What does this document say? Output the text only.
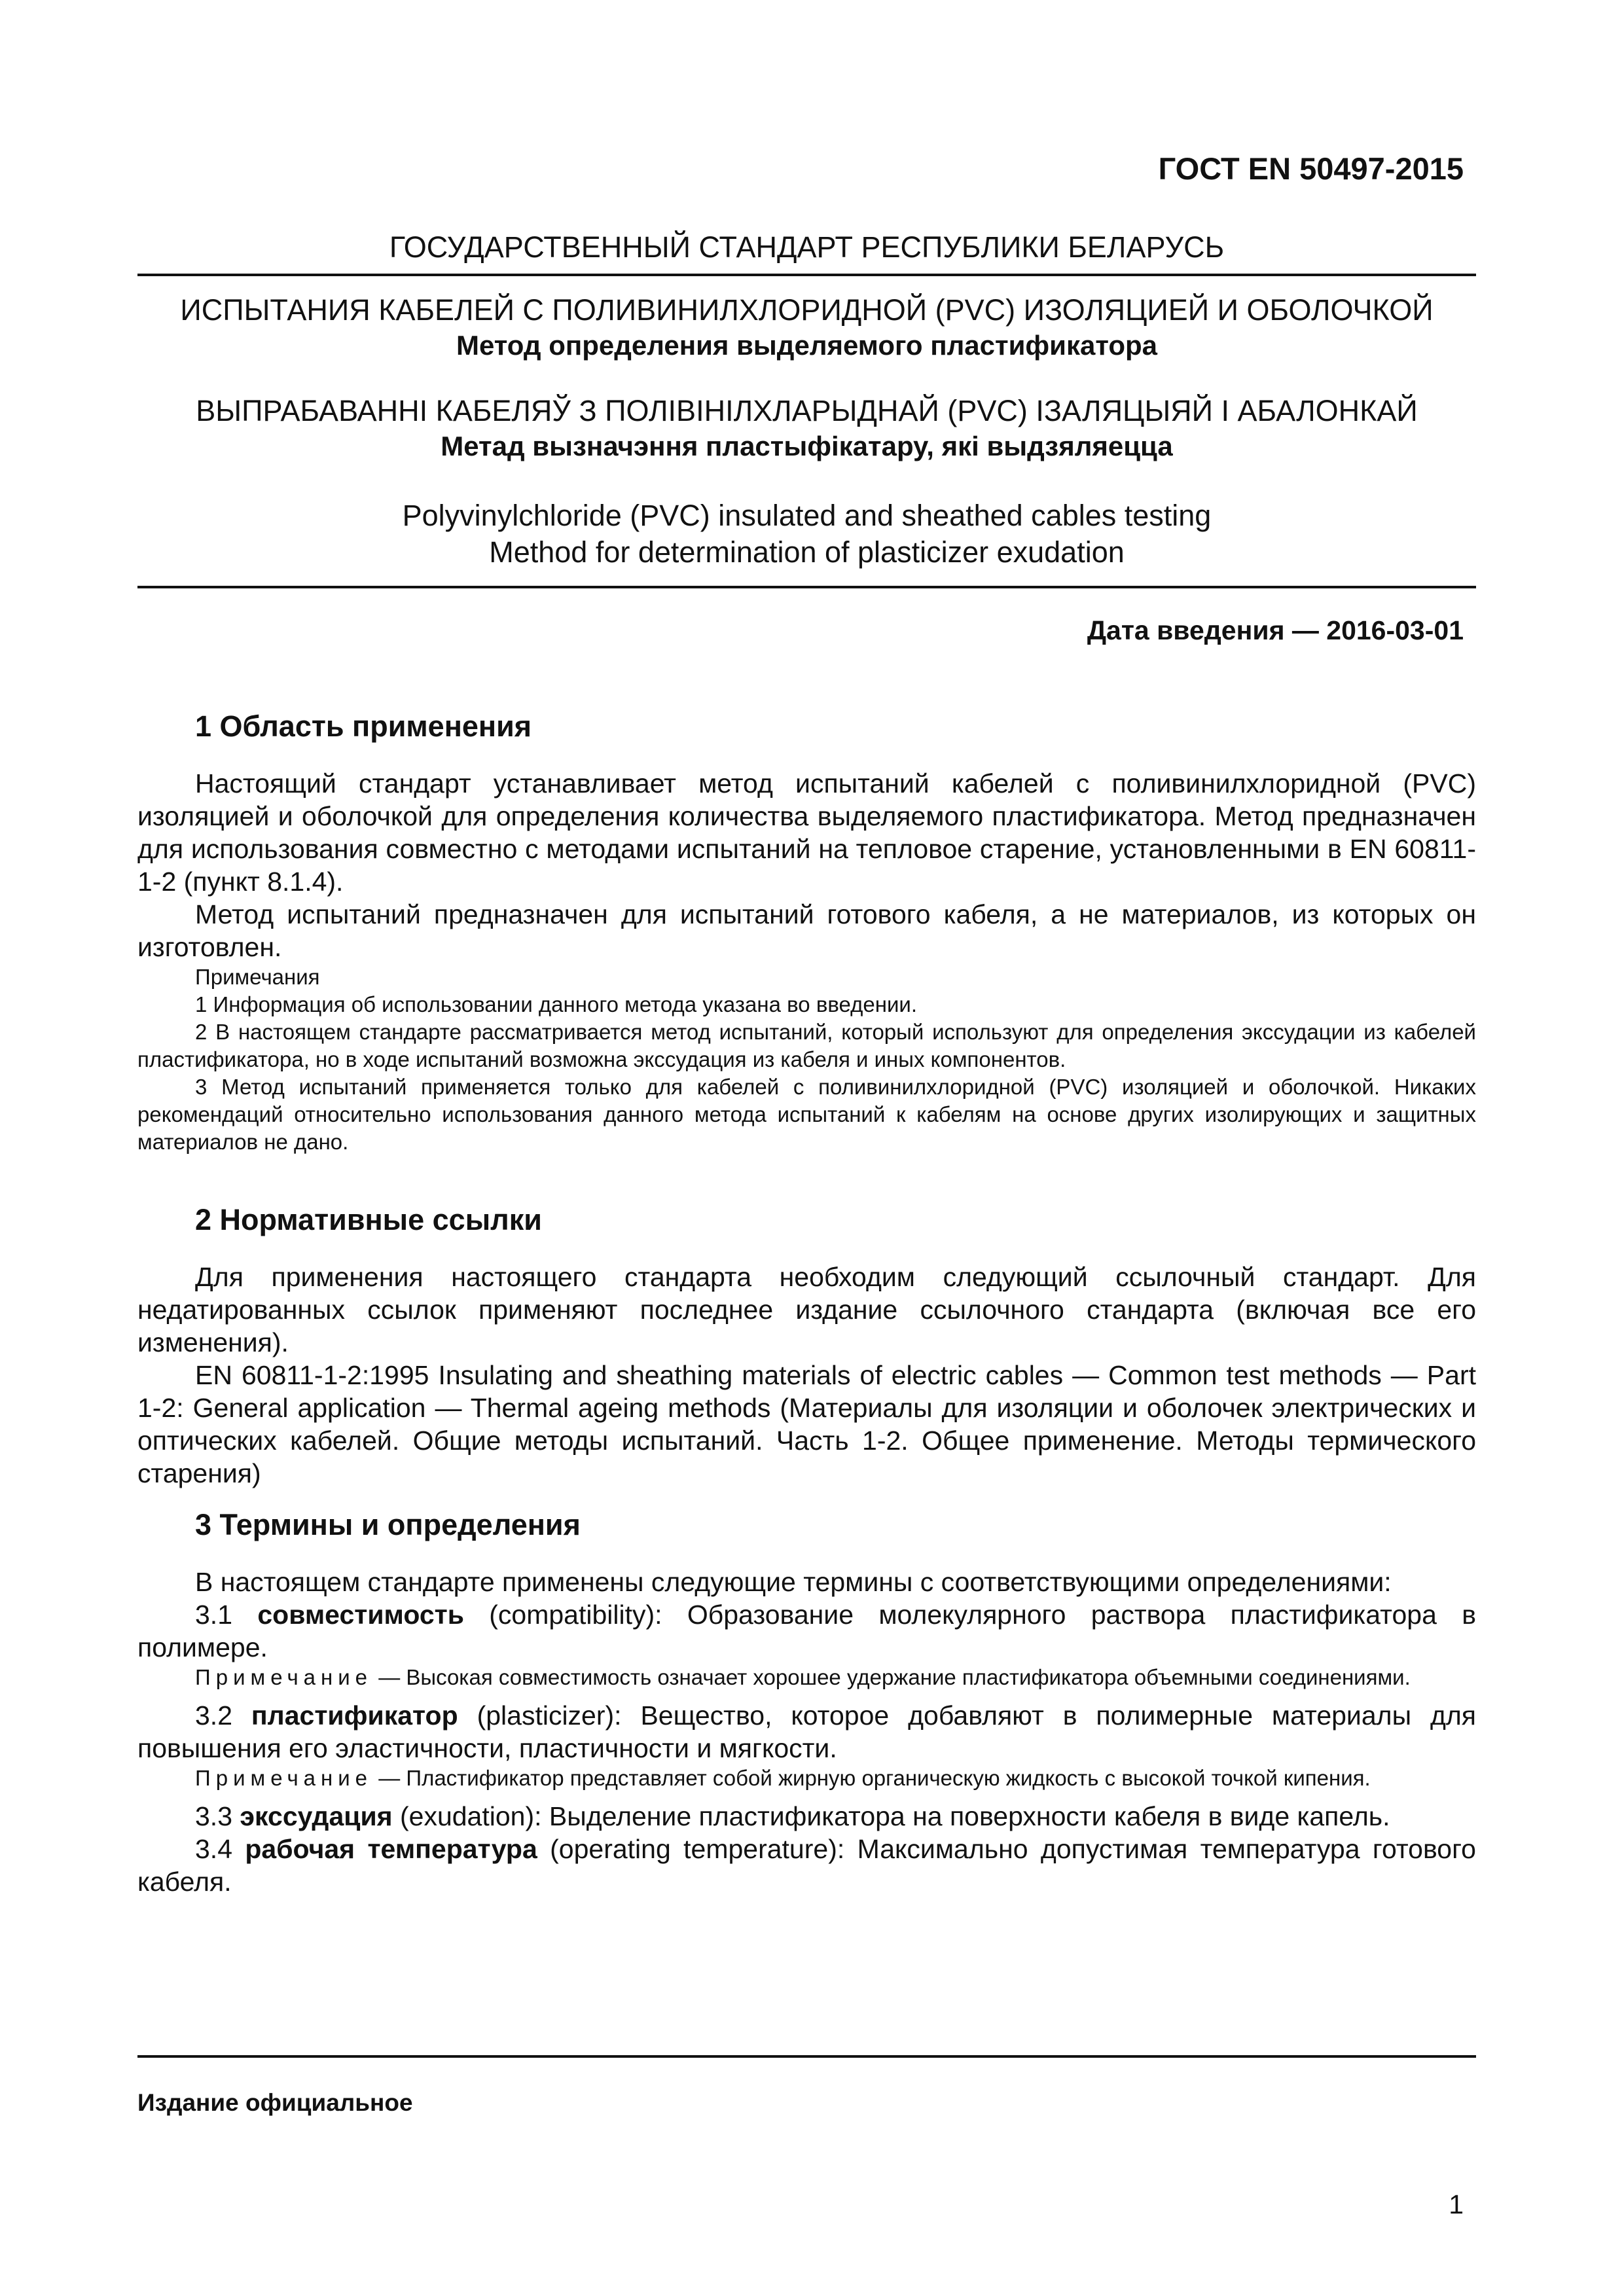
ГОСТ EN 50497-2015
ГОСУДАРСТВЕННЫЙ СТАНДАРТ РЕСПУБЛИКИ БЕЛАРУСЬ
ИСПЫТАНИЯ КАБЕЛЕЙ С ПОЛИВИНИЛХЛОРИДНОЙ (PVC) ИЗОЛЯЦИЕЙ И ОБОЛОЧКОЙ
Метод определения выделяемого пластификатора
ВЫПРАБАВАННІ КАБЕЛЯЎ З ПОЛІВІНІЛХЛАРЫДНАЙ (PVC) ІЗАЛЯЦЫЯЙ І АБАЛОНКАЙ
Метад вызначэння пластыфікатару, які выдзяляецца
Polyvinylchloride (PVC) insulated and sheathed cables testing
Method for determination of plasticizer exudation
Дата введения — 2016-03-01
1 Область применения

Настоящий стандарт устанавливает метод испытаний кабелей с поливинилхлоридной (PVC) изоляцией и оболочкой для определения количества выделяемого пластификатора. Метод предназначен для использования совместно с методами испытаний на тепловое старение, установленными в EN 60811-1-2 (пункт 8.1.4).

Метод испытаний предназначен для испытаний готового кабеля, а не материалов, из которых он изготовлен.

Примечания

1 Информация об использовании данного метода указана во введении.

2 В настоящем стандарте рассматривается метод испытаний, который используют для определения экссудации из кабелей пластификатора, но в ходе испытаний возможна экссудация из кабеля и иных компонентов.

3 Метод испытаний применяется только для кабелей с поливинилхлоридной (PVC) изоляцией и оболочкой. Никаких рекомендаций относительно использования данного метода испытаний к кабелям на основе других изолирующих и защитных материалов не дано.

2 Нормативные ссылки

Для применения настоящего стандарта необходим следующий ссылочный стандарт. Для недатированных ссылок применяют последнее издание ссылочного стандарта (включая все его изменения).

EN 60811-1-2:1995 Insulating and sheathing materials of electric cables — Common test methods — Part 1-2: General application — Thermal ageing methods (Материалы для изоляции и оболочек электрических и оптических кабелей. Общие методы испытаний. Часть 1-2. Общее применение. Методы термического старения)

3 Термины и определения

В настоящем стандарте применены следующие термины с соответствующими определениями:

3.1 совместимость (compatibility): Образование молекулярного раствора пластификатора в полимере.

Примечание — Высокая совместимость означает хорошее удержание пластификатора объемными соединениями.

3.2 пластификатор (plasticizer): Вещество, которое добавляют в полимерные материалы для повышения его эластичности, пластичности и мягкости.

Примечание — Пластификатор представляет собой жирную органическую жидкость с высокой точкой кипения.

3.3 экссудация (exudation): Выделение пластификатора на поверхности кабеля в виде капель.

3.4 рабочая температура (operating temperature): Максимально допустимая температура готового кабеля.

Издание официальное
1
